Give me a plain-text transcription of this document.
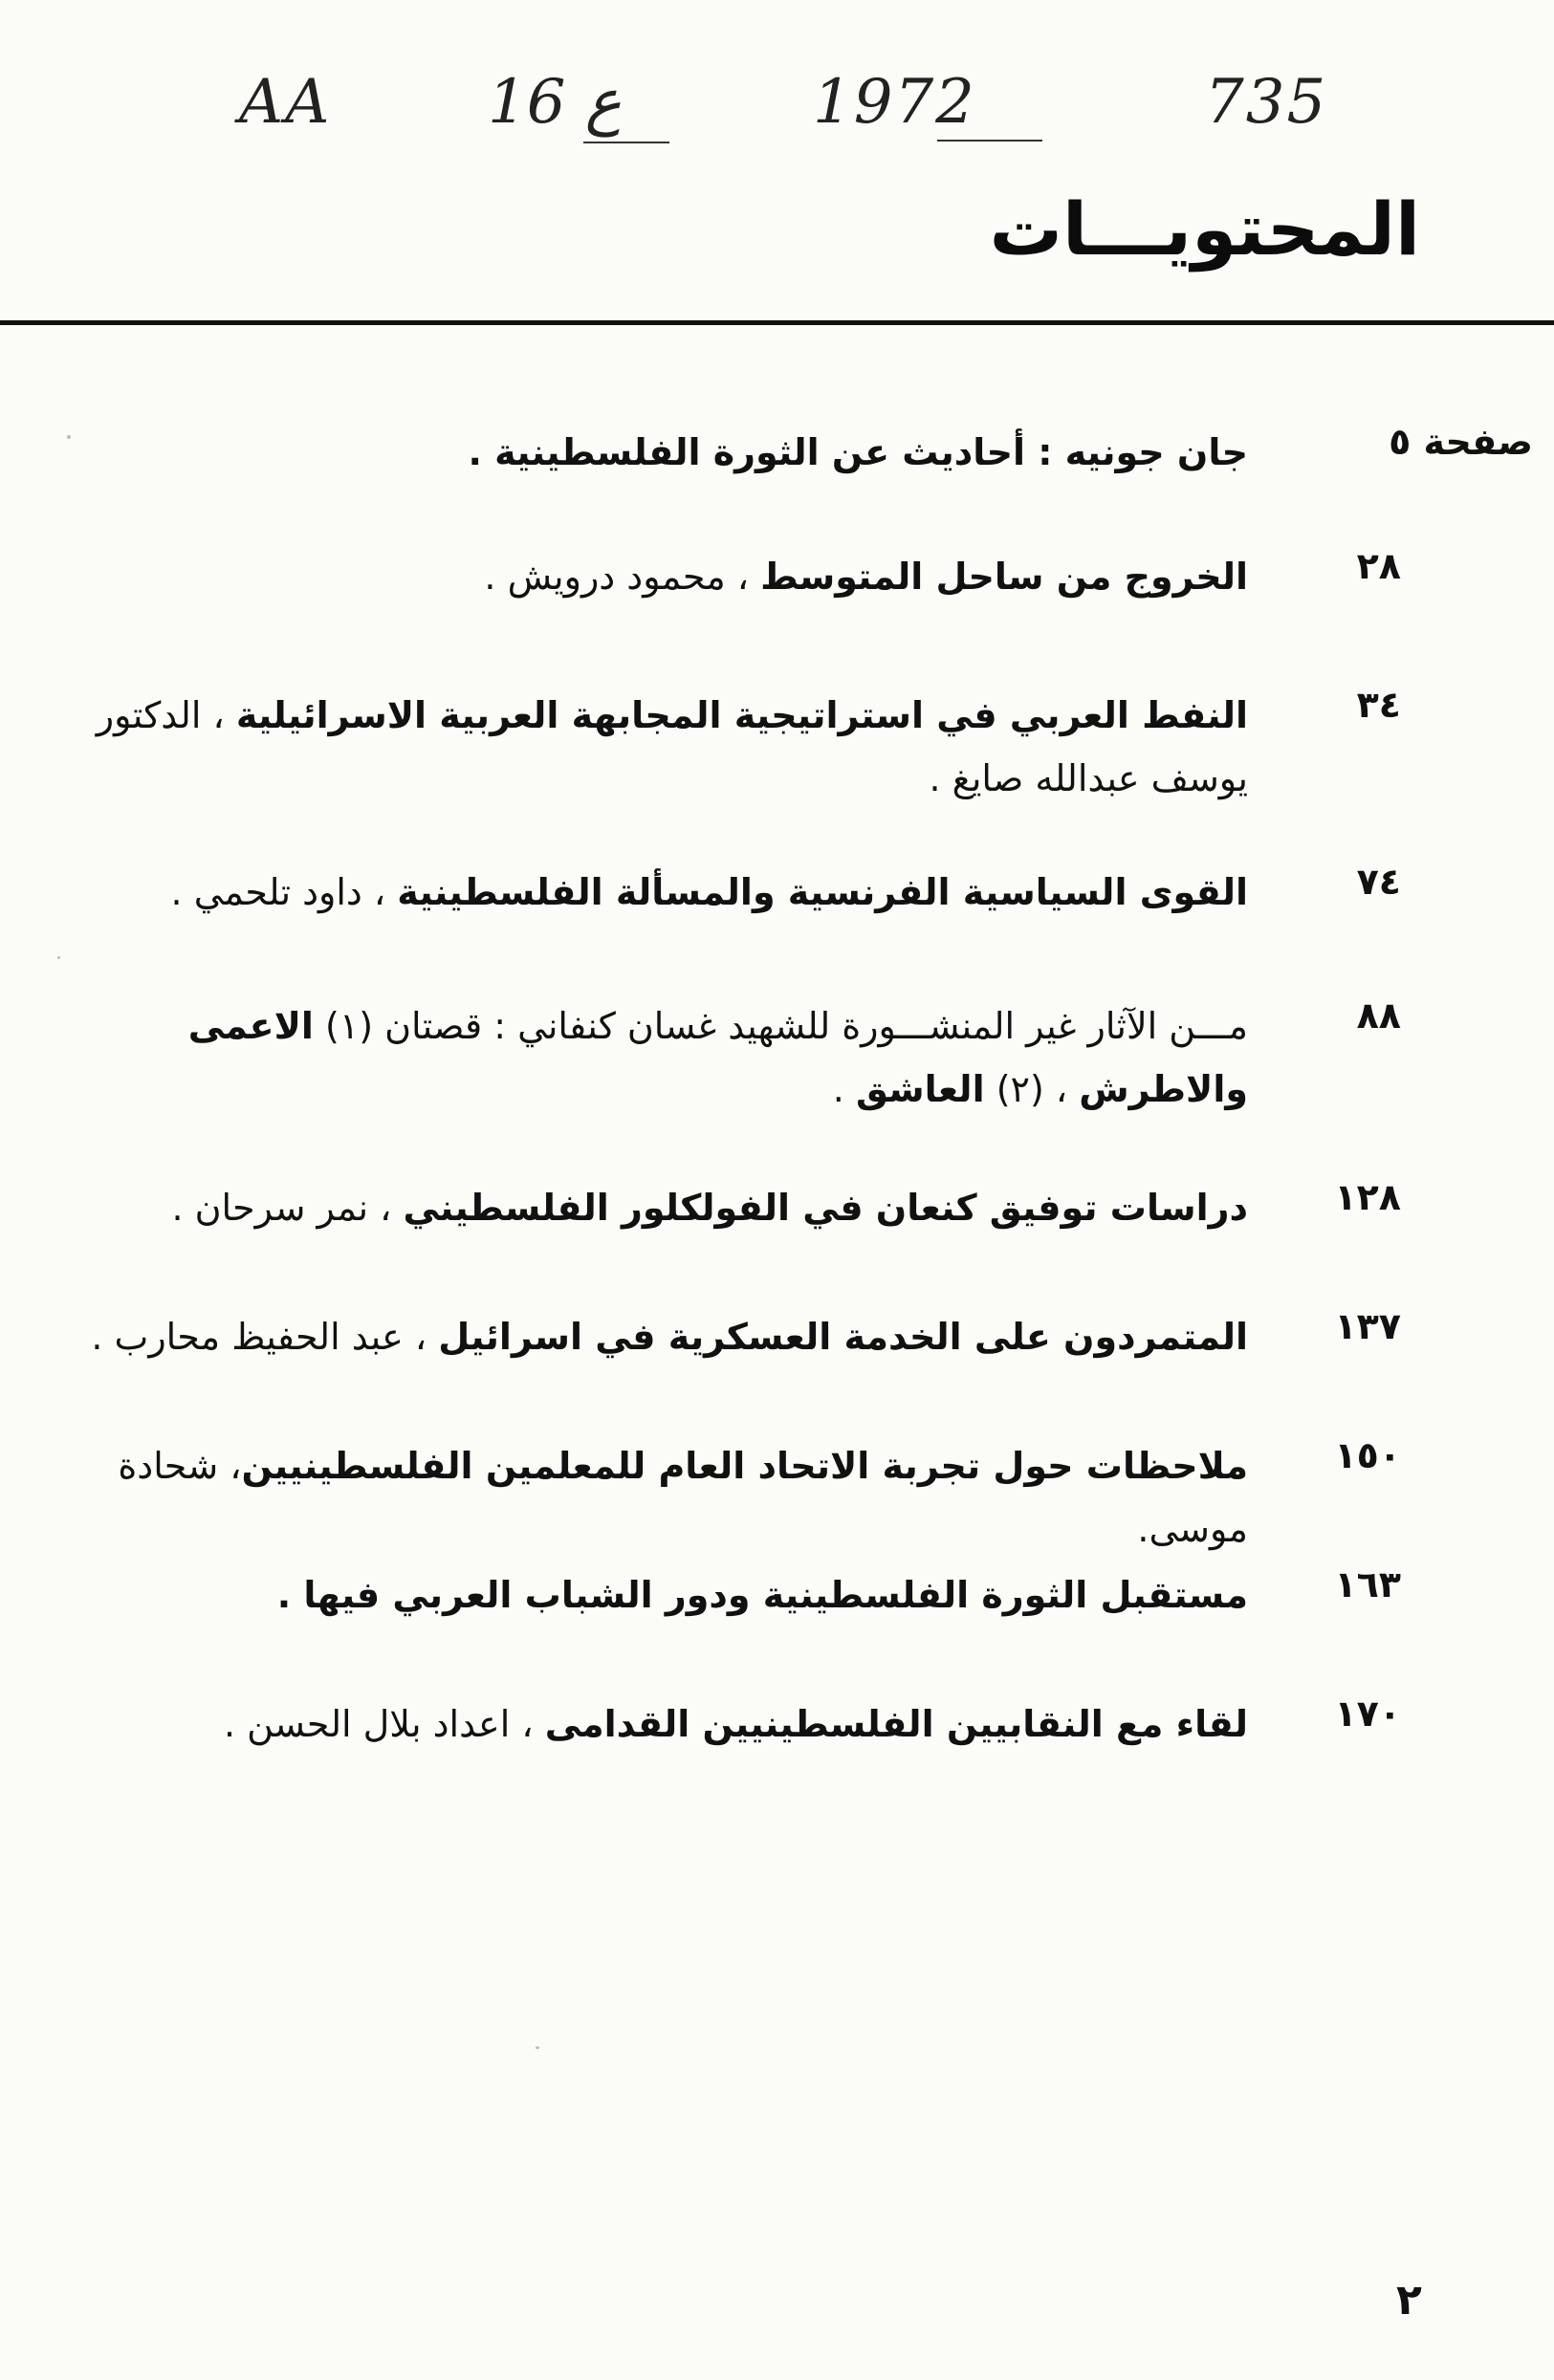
AA	16 ع	1972	735
المحتويـــات
صفحة ٥
جان جونيه : أحاديث عن الثورة الفلسطينية .
٢٨
الخروج من ساحل المتوسط ، محمود درويش .
٣٤
النفط العربي في استراتيجية المجابهة العربية الاسرائيلية ، الدكتور يوسف عبدالله صايغ .
٧٤
القوى السياسية الفرنسية والمسألة الفلسطينية ، داود تلحمي .
٨٨
مـــن الآثار غير المنشـــورة للشهيد غسان كنفاني : قصتان (١) الاعمى والاطرش ، (٢) العاشق .
١٢٨
دراسات توفيق كنعان في الفولكلور الفلسطيني ، نمر سرحان .
١٣٧
المتمردون على الخدمة العسكرية في اسرائيل ، عبد الحفيظ محارب .
١٥٠
ملاحظات حول تجربة الاتحاد العام للمعلمين الفلسطينيين، شحادة موسى.
١٦٣
مستقبل الثورة الفلسطينية ودور الشباب العربي فيها .
١٧٠
لقاء مع النقابيين الفلسطينيين القدامى ، اعداد بلال الحسن .
٢
